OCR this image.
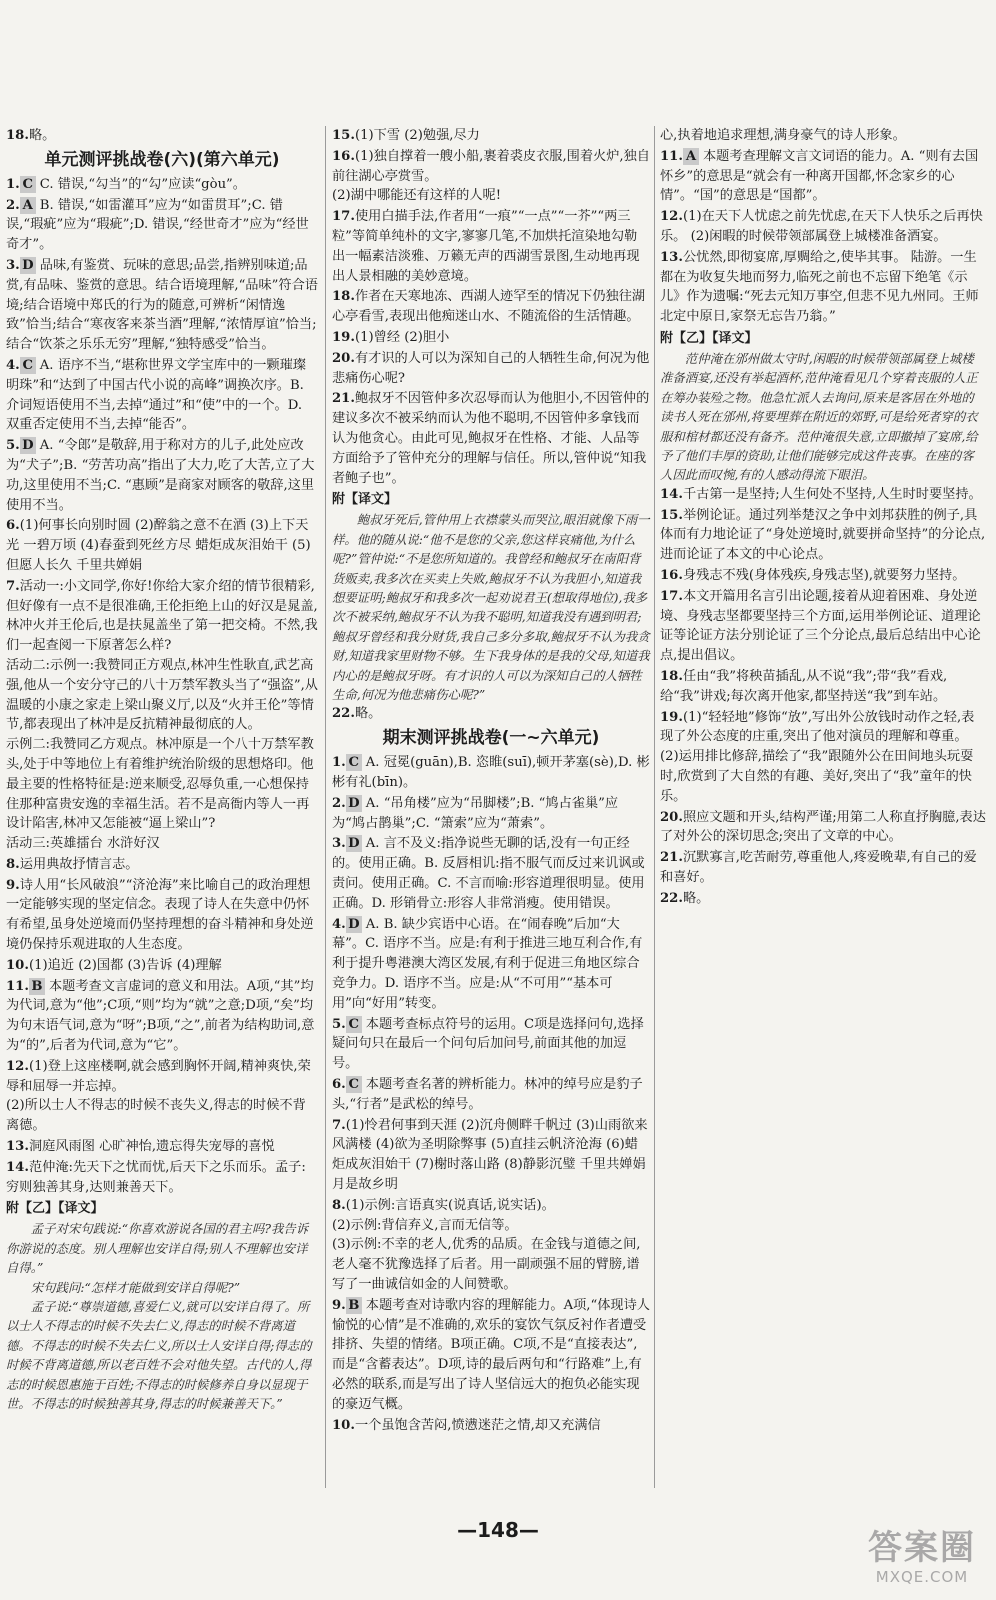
18.略。
单元测评挑战卷(六)(第六单元)
1. C C. 错误,“勾当”的“勾”应读“gòu”。
2. A B. 错误,“如雷灌耳”应为“如雷贯耳”;C. 错误,“瑕疵”应为“瑕疵”;D. 错误,“经世奇才”应为“经世奇才”。
3. D 品味,有鉴赏、玩味的意思;品尝,指辨别味道;品赏,有品味、鉴赏的意思。结合语境理解,“品味”符合语境;结合语境中郑氏的行为的随意,可辨析“闲情逸致”恰当;结合“寒夜客来茶当酒”理解,“浓情厚谊”恰当;结合“饮茶之乐乐无穷”理解,“独特感受”恰当。
4. C A. 语序不当,“堪称世界文学宝库中的一颗璀璨明珠”和“达到了中国古代小说的高峰”调换次序。B. 介词短语使用不当,去掉“通过”和“使”中的一个。D. 双重否定使用不当,去掉“能否”。
5. D A. “令郎”是敬辞,用于称对方的儿子,此处应改为“犬子”;B. “劳苦功高”指出了大力,吃了大苦,立了大功,这里使用不当;C. “惠顾”是商家对顾客的敬辞,这里使用不当。
6.(1)何事长向别时圆 (2)醉翁之意不在酒 (3)上下天光 一碧万顷 (4)春蚕到死丝方尽 蜡炬成灰泪始干 (5)但愿人长久 千里共婵娟
7.活动一:小文同学,你好!你给大家介绍的情节很精彩,但好像有一点不是很准确,王伦拒绝上山的好汉是晁盖,林冲火并王伦后,也是扶晁盖坐了第一把交椅。不然,我们一起查阅一下原著怎么样?
活动二:示例一:我赞同正方观点,林冲生性耿直,武艺高强,他从一个安分守己的八十万禁军教头当了“强盗”,从温暖的小康之家走上梁山聚义厅,以及“火并王伦”等情节,都表现出了林冲是反抗精神最彻底的人。
示例二:我赞同乙方观点。林冲原是一个八十万禁军教头,处于中等地位上有着维护统治阶级的思想烙印。他最主要的性格特征是:逆来顺受,忍辱负重,一心想保持住那种富贵安逸的幸福生活。若不是高衙内等人一再设计陷害,林冲又怎能被“逼上梁山”?
活动三:英雄擂台 水浒好汉
8.运用典故抒情言志。
9.诗人用“长风破浪”“济沧海”来比喻自己的政治理想一定能够实现的坚定信念。表现了诗人在失意中仍怀有希望,虽身处逆境而仍坚持理想的奋斗精神和身处逆境仍保持乐观进取的人生态度。
10.(1)追近 (2)国都 (3)告诉 (4)理解
11. B 本题考查文言虚词的意义和用法。A项,“其”均为代词,意为“他”;C项,“则”均为“就”之意;D项,“矣”均为句末语气词,意为“呀”;B项,“之”,前者为结构助词,意为“的”,后者为代词,意为“它”。
12.(1)登上这座楼啊,就会感到胸怀开阔,精神爽快,荣辱和屈辱一并忘掉。
(2)所以士人不得志的时候不丧失义,得志的时候不背离德。
13.洞庭风雨图 心旷神怡,遗忘得失宠辱的喜悦
14.范仲淹:先天下之忧而忧,后天下之乐而乐。孟子:穷则独善其身,达则兼善天下。
附【乙】【译文】

孟子对宋句践说:“你喜欢游说各国的君主吗?我告诉你游说的态度。别人理解也安详自得;别人不理解也安详自得。”

宋句践问:“怎样才能做到安详自得呢?”

孟子说:“尊崇道德,喜爱仁义,就可以安详自得了。所以士人不得志的时候不失去仁义,得志的时候不背离道德。不得志的时候不失去仁义,所以士人安详自得;得志的时候不背离道德,所以老百姓不会对他失望。古代的人,得志的时候恩惠施于百姓;不得志的时候修养自身以显现于世。不得志的时候独善其身,得志的时候兼善天下。”

15.(1)下雪 (2)勉强,尽力
16.(1)独自撑着一艘小船,裹着裘皮衣服,围着火炉,独自前往湖心亭赏雪。
(2)湖中哪能还有这样的人呢!
17.使用白描手法,作者用“一痕”“一点”“一芥”“两三粒”等简单纯朴的文字,寥寥几笔,不加烘托渲染地勾勒出一幅素洁淡雅、万籁无声的西湖雪景图,生动地再现出人景相融的美妙意境。
18.作者在天寒地冻、西湖人迹罕至的情况下仍独往湖心亭看雪,表现出他痴迷山水、不随流俗的生活情趣。
19.(1)曾经 (2)胆小
20.有才识的人可以为深知自己的人牺牲生命,何况为他悲痛伤心呢?
21.鲍叔牙不因管仲多次忍辱而认为他胆小,不因管仲的建议多次不被采纳而认为他不聪明,不因管仲多拿钱而认为他贪心。由此可见,鲍叔牙在性格、才能、人品等方面给予了管仲充分的理解与信任。所以,管仲说“知我者鲍子也”。
附【译文】

鲍叔牙死后,管仲用上衣襟蒙头而哭泣,眼泪就像下雨一样。他的随从说:“他不是您的父亲,您这样哀痛他,为什么呢?”管仲说:“不是您所知道的。我曾经和鲍叔牙在南阳背货贩卖,我多次在买卖上失败,鲍叔牙不认为我胆小,知道我想要证明;鲍叔牙和我多次一起劝说君王(想取得地位),我多次不被采纳,鲍叔牙不认为我不聪明,知道我没有遇到明君;鲍叔牙曾经和我分财货,我自己多分多取,鲍叔牙不认为我贪财,知道我家里财物不够。生下我身体的是我的父母,知道我内心的是鲍叔牙呀。有才识的人可以为深知自己的人牺牲生命,何况为他悲痛伤心呢?”

22.略。
期末测评挑战卷(一~六单元)
1. C A. 冠冕(guān),B. 恣睢(suī),顿开茅塞(sè),D. 彬彬有礼(bīn)。
2. D A. “吊角楼”应为“吊脚楼”;B. “鸠占雀巢”应为“鸠占鹊巢”;C. “箫索”应为“萧索”。
3. D A. 言不及义:指净说些无聊的话,没有一句正经的。使用正确。B. 反唇相讥:指不服气而反过来讥讽或责问。使用正确。C. 不言而喻:形容道理很明显。使用正确。D. 形销骨立:形容人非常消瘦。使用错误。
4. D A. B. 缺少宾语中心语。在“闹春晚”后加“大幕”。C. 语序不当。应是:有利于推进三地互利合作,有利于提升粤港澳大湾区发展,有利于促进三角地区综合竞争力。D. 语序不当。应是:从“不可用”“基本可用”向“好用”转变。
5. C 本题考查标点符号的运用。C项是选择问句,选择疑问句只在最后一个问句后加问号,前面其他的加逗号。
6. C 本题考查名著的辨析能力。林冲的绰号应是豹子头,“行者”是武松的绰号。
7.(1)怜君何事到天涯 (2)沉舟侧畔千帆过 (3)山雨欲来风满楼 (4)欲为圣明除弊事 (5)直挂云帆济沧海 (6)蜡炬成灰泪始干 (7)榭时落山路 (8)静影沉璧 千里共婵娟 月是故乡明
8.(1)示例:言语真实(说真话,说实话)。
(2)示例:背信弃义,言而无信等。
(3)示例:不幸的老人,优秀的品质。在金钱与道德之间,老人毫不犹豫选择了后者。用一副顽强不屈的臂膀,谱写了一曲诚信如金的人间赞歌。
9. B 本题考查对诗歌内容的理解能力。A项,“体现诗人愉悦的心情”是不准确的,欢乐的宴饮气氛反衬作者遭受排挤、失望的情绪。B项正确。C项,不是“直接表达”,而是“含蓄表达”。D项,诗的最后两句和“行路难”上,有必然的联系,而是写出了诗人坚信远大的抱负必能实现的豪迈气概。
10.一个虽饱含苦闷,愤懑迷茫之情,却又充满信
心,执着地追求理想,满身豪气的诗人形象。
11. A 本题考查理解文言文词语的能力。A. “则有去国怀乡”的意思是“就会有一种离开国都,怀念家乡的心情”。“国”的意思是“国都”。
12.(1)在天下人忧虑之前先忧虑,在天下人快乐之后再快乐。 (2)闲暇的时候带领部属登上城楼准备酒宴。
13.公忧然,即彻宴席,厚赒给之,使毕其事。 陆游。一生都在为收复失地而努力,临死之前也不忘留下绝笔《示儿》作为遗嘱:“死去元知万事空,但悲不见九州同。王师北定中原日,家祭无忘告乃翁。”
附【乙】【译文】

范仲淹在邠州做太守时,闲暇的时候带领部属登上城楼准备酒宴,还没有举起酒杯,范仲淹看见几个穿着丧服的人正在筹办装殓之物。他急忙派人去询问,原来是客居在外地的读书人死在邠州,将要埋葬在附近的郊野,可是给死者穿的衣服和棺材都还没有备齐。范仲淹很失意,立即撤掉了宴席,给予了他们丰厚的资助,让他们能够完成这件丧事。在座的客人因此而叹惋,有的人感动得流下眼泪。

14.千古第一是坚持;人生何处不坚持,人生时时要坚持。
15.举例论证。通过列举楚汉之争中刘邦获胜的例子,具体而有力地论证了“身处逆境时,就要拼命坚持”的分论点,进而论证了本文的中心论点。
16.身残志不残(身体残疾,身残志坚),就要努力坚持。
17.本文开篇用名言引出论题,接着从迎着困难、身处逆境、身残志坚都要坚持三个方面,运用举例论证、道理论证等论证方法分别论证了三个分论点,最后总结出中心论点,提出倡议。
18.任由“我”将秧苗插乱,从不说“我”;带“我”看戏,给“我”讲戏;每次离开他家,都坚持送“我”到车站。
19.(1)“轻轻地”修饰“放”,写出外公放钱时动作之轻,表现了外公态度的庄重,突出了他对演员的理解和尊重。
(2)运用排比修辞,描绘了“我”跟随外公在田间地头玩耍时,欣赏到了大自然的有趣、美好,突出了“我”童年的快乐。
20.照应文题和开头,结构严谨;用第二人称直抒胸臆,表达了对外公的深切思念;突出了文章的中心。
21.沉默寡言,吃苦耐劳,尊重他人,疼爱晚辈,有自己的爱和喜好。
22.略。
—148—	答案圈
MXQE.COM
